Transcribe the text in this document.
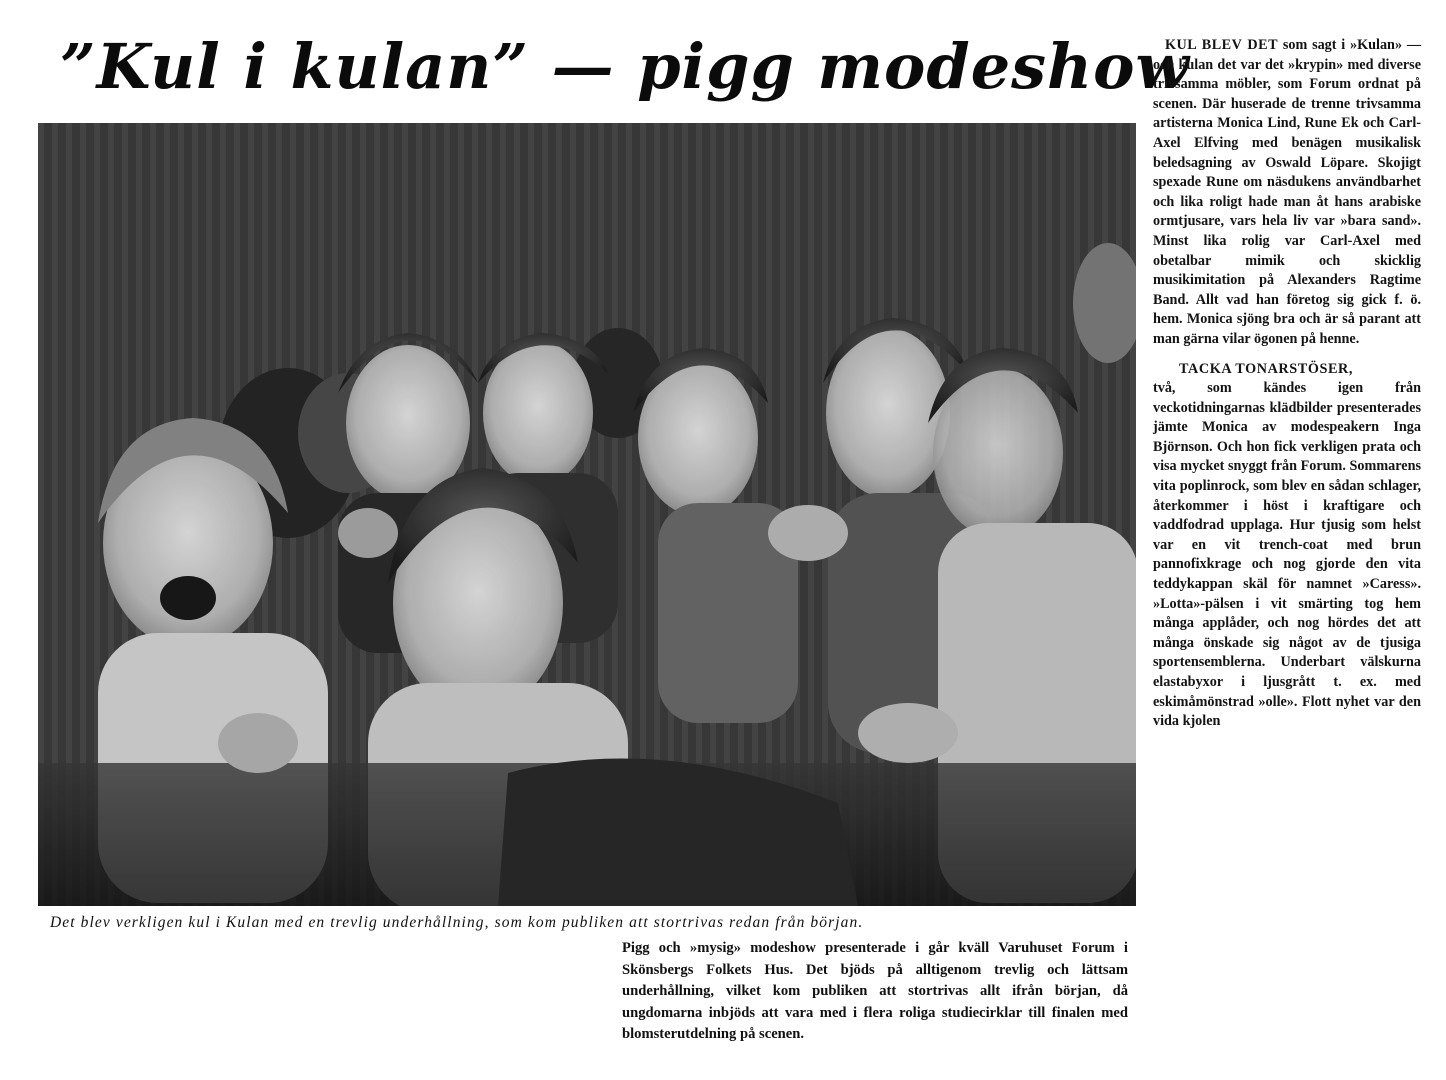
”Kul i kulan” — pigg modeshow
Det blev verkligen kul i Kulan med en trevlig underhållning, som kom publiken att stortrivas redan från början.

Pigg och »mysig» modeshow presenterade i går kväll Varuhuset Forum i Skönsbergs Folkets Hus. Det bjöds på alltigenom trevlig och lättsam underhållning, vilket kom publiken att stortrivas allt ifrån början, då ungdomarna inbjöds att vara med i flera roliga studiecirklar till finalen med blomsterutdelning på scenen.

KUL BLEV DET som sagt i »Kulan» — och kulan det var det »krypin» med diverse trivsamma möbler, som Forum ordnat på scenen. Där huserade de trenne trivsamma artisterna Monica Lind, Rune Ek och Carl-Axel Elfving med benägen musikalisk beledsagning av Oswald Löpare. Skojigt spexade Rune om näsdukens användbarhet och lika roligt hade man åt hans arabiske ormtjusare, vars hela liv var »bara sand». Minst lika rolig var Carl-Axel med obetalbar mimik och skicklig musikimitation på Alexanders Ragtime Band. Allt vad han företog sig gick f. ö. hem. Monica sjöng bra och är så parant att man gärna vilar ögonen på henne.

TACKA TONARSTÖSER,

två, som kändes igen från veckotidningarnas klädbilder presenterades jämte Monica av modespeakern Inga Björnson. Och hon fick verkligen prata och visa mycket snyggt från Forum. Sommarens vita poplinrock, som blev en sådan schlager, återkommer i höst i kraftigare och vaddfodrad upplaga. Hur tjusig som helst var en vit trench-coat med brun pannofixkrage och nog gjorde den vita teddykappan skäl för namnet »Caress». »Lotta»-pälsen i vit smärting tog hem många applåder, och nog hördes det att många önskade sig något av de tjusiga sportensemblerna. Underbart välskurna elastabyxor i ljusgrått t. ex. med eskimåmönstrad »olle». Flott nyhet var den vida kjolen
